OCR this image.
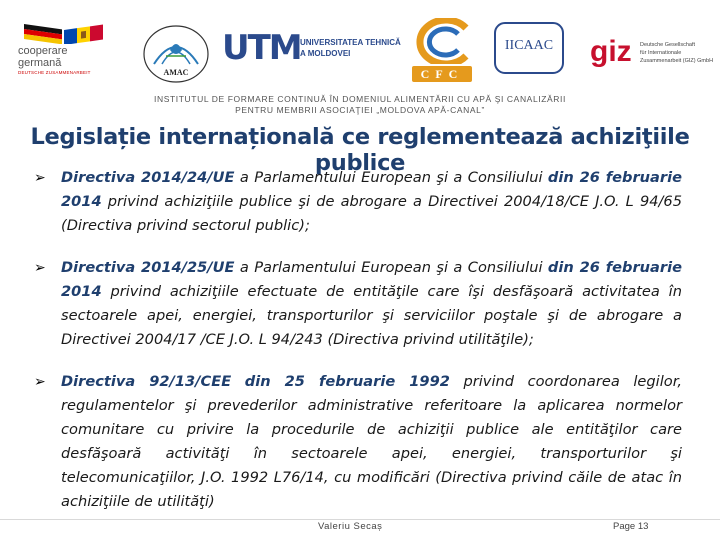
cooperare
germană
DEUTSCHE ZUSAMMENARBEIT	AMAC
UTM UNIVERSITATEA TEHNICĂ
A MOLDOVEI
CFC
IICAAC	giz Deutsche Gesellschaft
für Internationale
Zusammenarbeit (GIZ) GmbH
INSTITUTUL DE FORMARE CONTINUĂ ÎN DOMENIUL ALIMENTĂRII CU APĂ ŞI CANALIZĂRII
PENTRU MEMBRII ASOCIAŢIEI „MOLDOVA APĂ-CANAL”
Legislație internațională ce reglementează achiziţiile publice
➢ Directiva 2014/24/UE a Parlamentului European şi a Consiliului din 26 februarie 2014 privind achiziţiile publice şi de abrogare a Directivei 2004/18/CE J.O. L 94/65 (Directiva privind sectorul public);
➢ Directiva 2014/25/UE a Parlamentului European şi a Consiliului din 26 februarie 2014 privind achiziţiile efectuate de entităţile care îşi desfăşoară activitatea în sectoarele apei, energiei, transporturilor şi serviciilor poştale şi de abrogare a Directivei 2004/17 /CE J.O. L 94/243 (Directiva privind utilităţile);
➢ Directiva 92/13/CEE din 25 februarie 1992 privind coordonarea legilor, regulamentelor şi prevederilor administrative referitoare la aplicarea normelor comunitare cu privire la procedurile de achiziţii publice ale entităţilor care desfăşoară activităţi în sectoarele apei, energiei, transporturilor şi telecomunicaţiilor, J.O. 1992 L76/14, cu modificări (Directiva privind căile de atac în achiziţiile de utilităţi)
Valeriu Secaș	Page 13
